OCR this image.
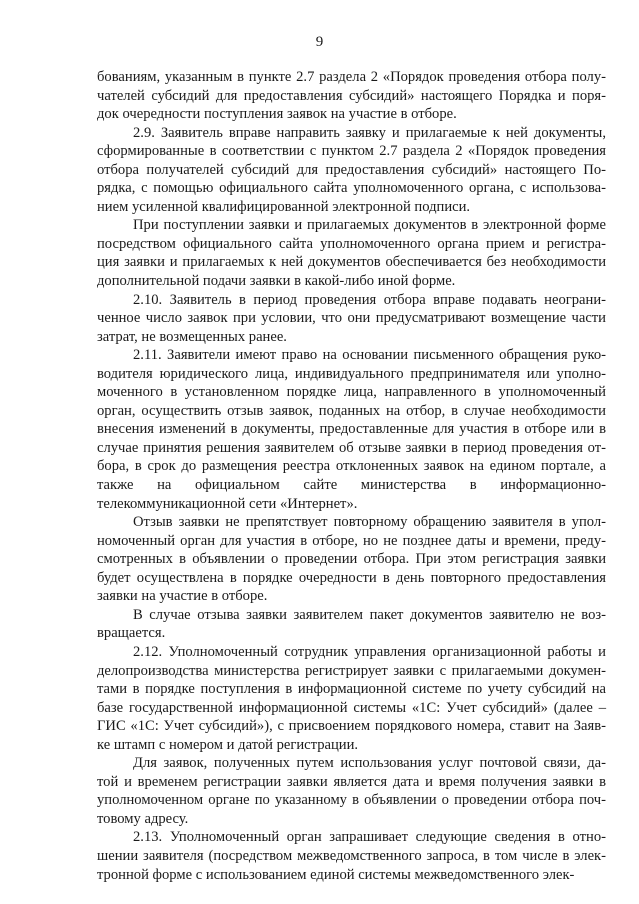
9

бованиям, указанным в пункте 2.7 раздела 2 «Порядок проведения отбора полу-
чателей субсидий для предоставления субсидий» настоящего Порядка и поря-
док очередности поступления заявок на участие в отборе.

2.9. Заявитель вправе направить заявку и прилагаемые к ней документы,
сформированные в соответствии с пунктом 2.7 раздела 2 «Порядок проведения
отбора получателей субсидий для предоставления субсидий» настоящего По-
рядка, с помощью официального сайта уполномоченного органа, с использова-
нием усиленной квалифицированной электронной подписи.

При поступлении заявки и прилагаемых документов в электронной форме
посредством официального сайта уполномоченного органа прием и регистра-
ция заявки и прилагаемых к ней документов обеспечивается без необходимости
дополнительной подачи заявки в какой-либо иной форме.

2.10. Заявитель в период проведения отбора вправе подавать неограни-
ченное число заявок при условии, что они предусматривают возмещение части
затрат, не возмещенных ранее.

2.11. Заявители имеют право на основании письменного обращения руко-
водителя юридического лица, индивидуального предпринимателя или уполно-
моченного в установленном порядке лица, направленного в уполномоченный
орган, осуществить отзыв заявок, поданных на отбор, в случае необходимости
внесения изменений в документы, предоставленные для участия в отборе или в
случае принятия решения заявителем об отзыве заявки в период проведения от-
бора, в срок до размещения реестра отклоненных заявок на едином портале, а
также на официальном сайте министерства в информационно-
телекоммуникационной сети «Интернет».

Отзыв заявки не препятствует повторному обращению заявителя в упол-
номоченный орган для участия в отборе, но не позднее даты и времени, преду-
смотренных в объявлении о проведении отбора. При этом регистрация заявки
будет осуществлена в порядке очередности в день повторного предоставления
заявки на участие в отборе.

В случае отзыва заявки заявителем пакет документов заявителю не воз-
вращается.

2.12. Уполномоченный сотрудник управления организационной работы и
делопроизводства министерства регистрирует заявки с прилагаемыми докумен-
тами в порядке поступления в информационной системе по учету субсидий на
базе государственной информационной системы «1С: Учет субсидий» (далее –
ГИС «1С: Учет субсидий»), с присвоением порядкового номера, ставит на Заяв-
ке штамп с номером и датой регистрации.

Для заявок, полученных путем использования услуг почтовой связи, да-
той и временем регистрации заявки является дата и время получения заявки в
уполномоченном органе по указанному в объявлении о проведении отбора поч-
товому адресу.

2.13. Уполномоченный орган запрашивает следующие сведения в отно-
шении заявителя (посредством межведомственного запроса, в том числе в элек-
тронной форме с использованием единой системы межведомственного элек-
